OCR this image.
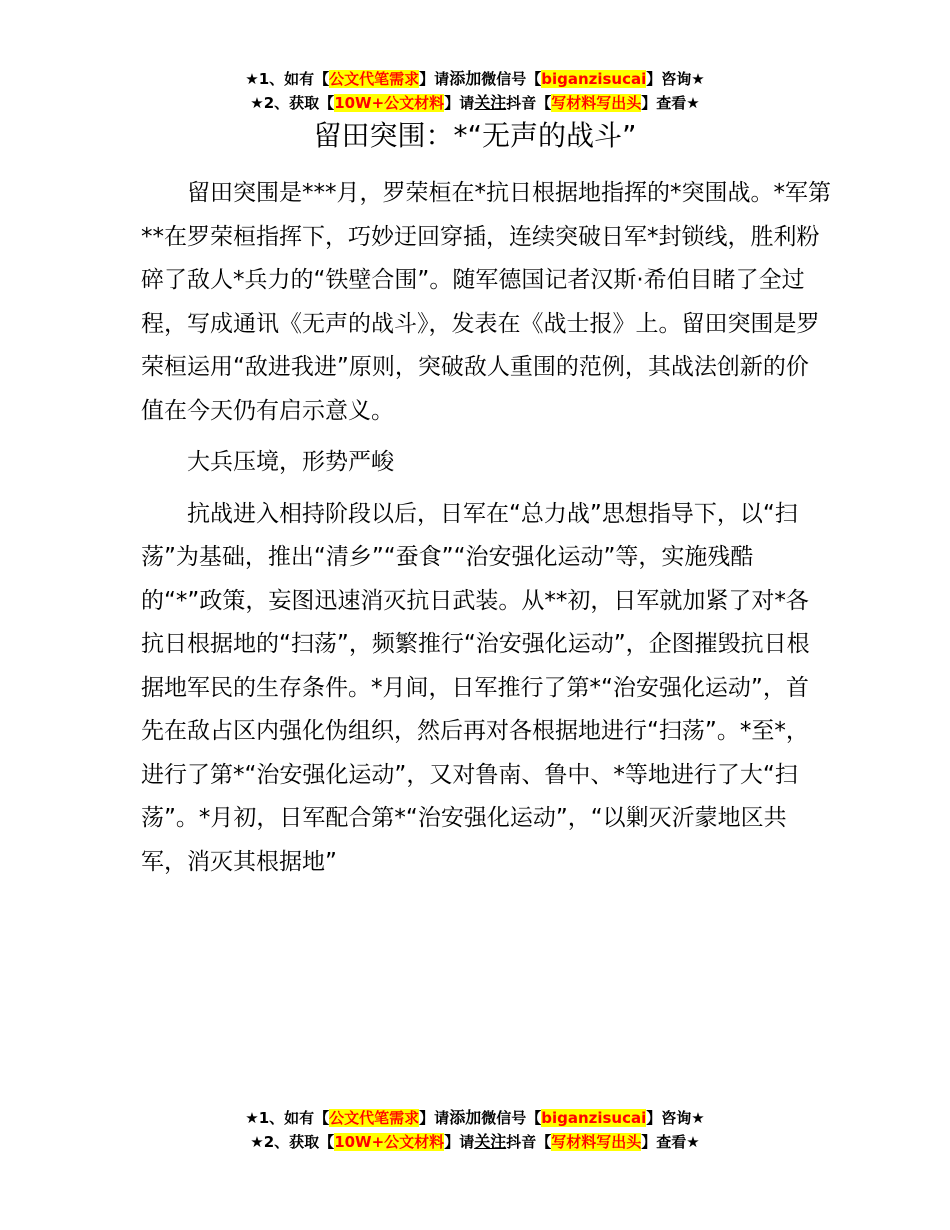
★1、如有【公文代笔需求】请添加微信号【biganzisucai】咨询★
★2、获取【10W+公文材料】请关注抖音【写材料写出头】查看★
留田突围：*“无声的战斗”

留田突围是***月，罗荣桓在*抗日根据地指挥的*突围战。*军第**在罗荣桓指挥下，巧妙迂回穿插，连续突破日军*封锁线，胜利粉碎了敌人*兵力的“铁壁合围”。随军德国记者汉斯·希伯目睹了全过程，写成通讯《无声的战斗》，发表在《战士报》上。留田突围是罗荣桓运用“敌进我进”原则，突破敌人重围的范例，其战法创新的价值在今天仍有启示意义。

大兵压境，形势严峻

抗战进入相持阶段以后，日军在“总力战”思想指导下，以“扫荡”为基础，推出“清乡”“蚕食”“治安强化运动”等，实施残酷的“*”政策，妄图迅速消灭抗日武装。从**初，日军就加紧了对*各抗日根据地的“扫荡”，频繁推行“治安强化运动”，企图摧毁抗日根据地军民的生存条件。*月间，日军推行了第*“治安强化运动”，首先在敌占区内强化伪组织，然后再对各根据地进行“扫荡”。*至*，进行了第*“治安强化运动”，又对鲁南、鲁中、*等地进行了大“扫荡”。*月初，日军配合第*“治安强化运动”，“以剿灭沂蒙地区共军，消灭其根据地”

★1、如有【公文代笔需求】请添加微信号【biganzisucai】咨询★
★2、获取【10W+公文材料】请关注抖音【写材料写出头】查看★
